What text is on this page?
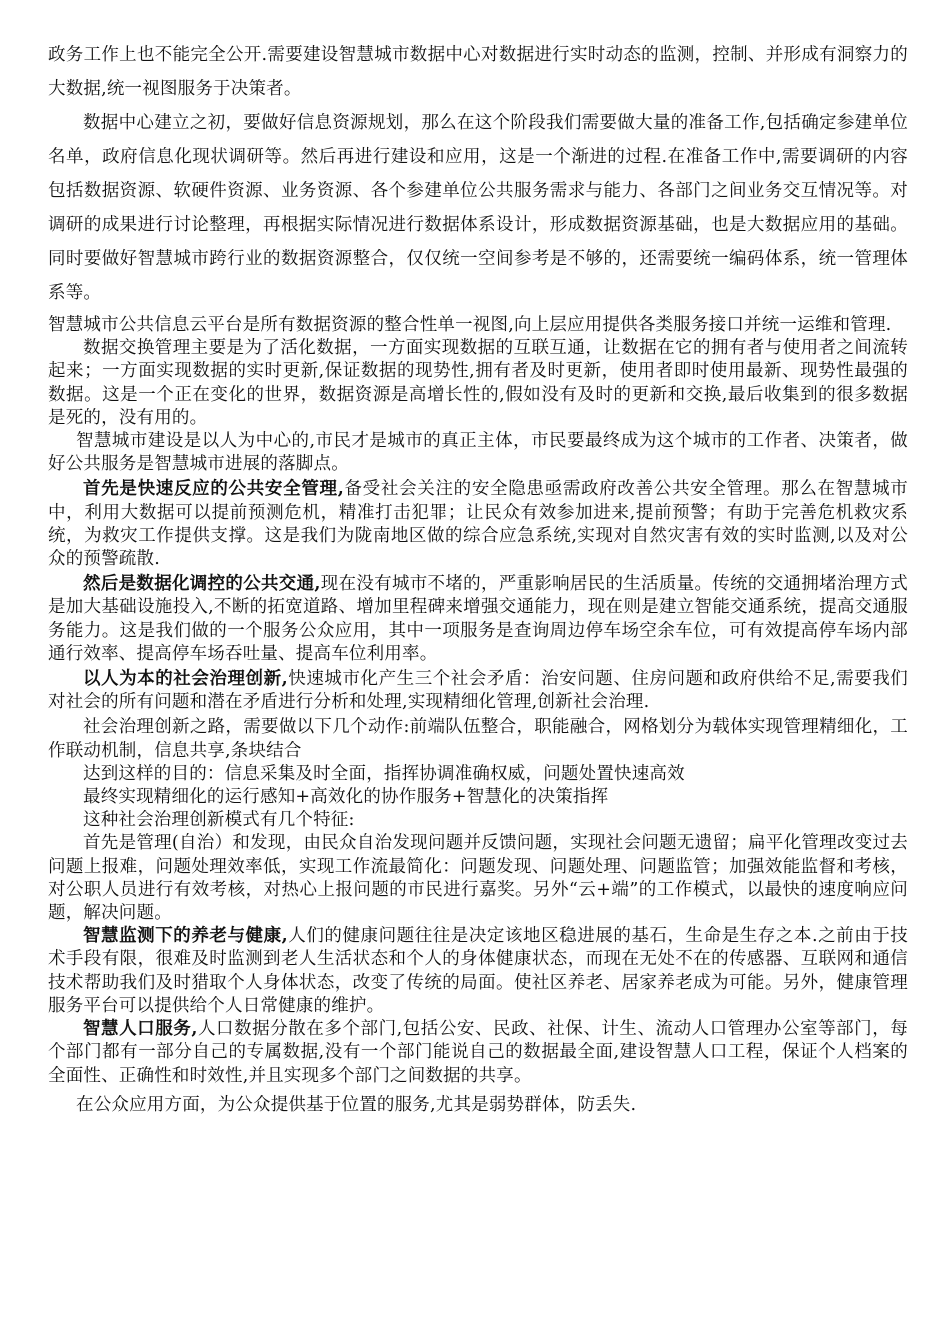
政务工作上也不能完全公开.需要建设智慧城市数据中心对数据进行实时动态的监测，控制、并形成有洞察力的大数据,统一视图服务于决策者。

数据中心建立之初，要做好信息资源规划，那么在这个阶段我们需要做大量的准备工作,包括确定参建单位名单，政府信息化现状调研等。然后再进行建设和应用，这是一个渐进的过程.在准备工作中,需要调研的内容包括数据资源、软硬件资源、业务资源、各个参建单位公共服务需求与能力、各部门之间业务交互情况等。对调研的成果进行讨论整理，再根据实际情况进行数据体系设计，形成数据资源基础，也是大数据应用的基础。同时要做好智慧城市跨行业的数据资源整合，仅仅统一空间参考是不够的，还需要统一编码体系，统一管理体系等。

智慧城市公共信息云平台是所有数据资源的整合性单一视图,向上层应用提供各类服务接口并统一运维和管理.

数据交换管理主要是为了活化数据，一方面实现数据的互联互通，让数据在它的拥有者与使用者之间流转起来；一方面实现数据的实时更新,保证数据的现势性,拥有者及时更新，使用者即时使用最新、现势性最强的数据。这是一个正在变化的世界，数据资源是高增长性的,假如没有及时的更新和交换,最后收集到的很多数据是死的，没有用的。

智慧城市建设是以人为中心的,市民才是城市的真正主体，市民要最终成为这个城市的工作者、决策者，做好公共服务是智慧城市进展的落脚点。

首先是快速反应的公共安全管理,备受社会关注的安全隐患亟需政府改善公共安全管理。那么在智慧城市中，利用大数据可以提前预测危机，精准打击犯罪；让民众有效参加进来,提前预警；有助于完善危机救灾系统，为救灾工作提供支撑。这是我们为陇南地区做的综合应急系统,实现对自然灾害有效的实时监测,以及对公众的预警疏散.

然后是数据化调控的公共交通,现在没有城市不堵的，严重影响居民的生活质量。传统的交通拥堵治理方式是加大基础设施投入,不断的拓宽道路、增加里程碑来增强交通能力，现在则是建立智能交通系统，提高交通服务能力。这是我们做的一个服务公众应用，其中一项服务是查询周边停车场空余车位，可有效提高停车场内部通行效率、提高停车场吞吐量、提高车位利用率。

以人为本的社会治理创新,快速城市化产生三个社会矛盾：治安问题、住房问题和政府供给不足,需要我们对社会的所有问题和潜在矛盾进行分析和处理,实现精细化管理,创新社会治理.

社会治理创新之路，需要做以下几个动作:前端队伍整合，职能融合，网格划分为载体实现管理精细化，工作联动机制，信息共享,条块结合

达到这样的目的：信息采集及时全面，指挥协调准确权威，问题处置快速高效

最终实现精细化的运行感知+高效化的协作服务+智慧化的决策指挥

这种社会治理创新模式有几个特征:

首先是管理(自治）和发现，由民众自治发现问题并反馈问题，实现社会问题无遗留；扁平化管理改变过去问题上报难，问题处理效率低，实现工作流最简化：问题发现、问题处理、问题监管；加强效能监督和考核，对公职人员进行有效考核，对热心上报问题的市民进行嘉奖。另外“云+端”的工作模式，以最快的速度响应问题，解决问题。

智慧监测下的养老与健康,人们的健康问题往往是决定该地区稳进展的基石，生命是生存之本.之前由于技术手段有限，很难及时监测到老人生活状态和个人的身体健康状态，而现在无处不在的传感器、互联网和通信技术帮助我们及时猎取个人身体状态，改变了传统的局面。使社区养老、居家养老成为可能。另外，健康管理服务平台可以提供给个人日常健康的维护。

智慧人口服务,人口数据分散在多个部门,包括公安、民政、社保、计生、流动人口管理办公室等部门，每个部门都有一部分自己的专属数据,没有一个部门能说自己的数据最全面,建设智慧人口工程，保证个人档案的全面性、正确性和时效性,并且实现多个部门之间数据的共享。

在公众应用方面，为公众提供基于位置的服务,尤其是弱势群体，防丢失.
